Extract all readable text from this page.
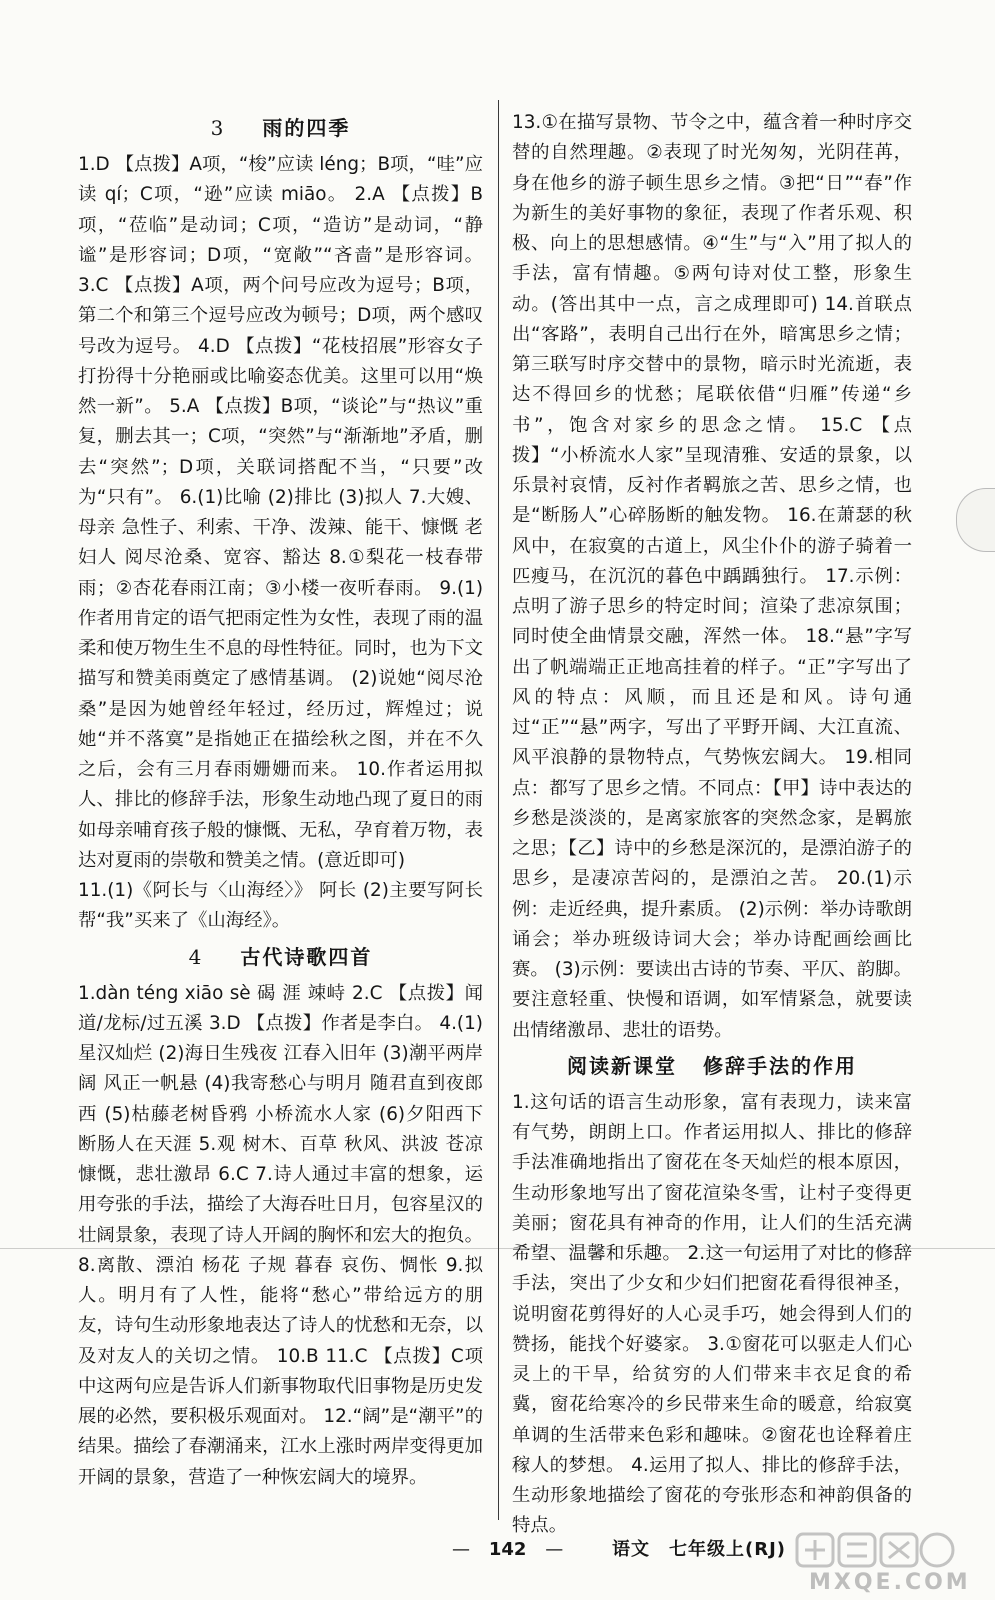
3 雨的四季

1.D 【点拨】A项，“梭”应读 léng；B项，“哇”应读 qí；C项，“逊”应读 miāo。 2.A 【点拨】B项，“莅临”是动词；C项，“造访”是动词，“静谧”是形容词；D项，“宽敞”“吝啬”是形容词。 3.C 【点拨】A项，两个问号应改为逗号；B项，第二个和第三个逗号应改为顿号；D项，两个感叹号改为逗号。 4.D 【点拨】“花枝招展”形容女子打扮得十分艳丽或比喻姿态优美。这里可以用“焕然一新”。 5.A 【点拨】B项，“谈论”与“热议”重复，删去其一；C项，“突然”与“渐渐地”矛盾，删去“突然”；D项，关联词搭配不当，“只要”改为“只有”。 6.(1)比喻 (2)排比 (3)拟人 7.大嫂、母亲 急性子、利索、干净、泼辣、能干、慷慨 老妇人 阅尽沧桑、宽容、豁达 8.①梨花一枝春带雨；②杏花春雨江南；③小楼一夜听春雨。 9.(1)作者用肯定的语气把雨定性为女性，表现了雨的温柔和使万物生生不息的母性特征。同时，也为下文描写和赞美雨奠定了感情基调。 (2)说她“阅尽沧桑”是因为她曾经年轻过，经历过，辉煌过；说她“并不落寞”是指她正在描绘秋之图，并在不久之后，会有三月春雨姗姗而来。 10.作者运用拟人、排比的修辞手法，形象生动地凸现了夏日的雨如母亲哺育孩子般的慷慨、无私，孕育着万物，表达对夏雨的崇敬和赞美之情。(意近即可)

11.(1)《阿长与〈山海经〉》 阿长 (2)主要写阿长帮“我”买来了《山海经》。

4 古代诗歌四首

1.dàn téng xiāo sè 碣 涯 竦峙 2.C 【点拨】闻道/龙标/过五溪 3.D 【点拨】作者是李白。 4.(1)星汉灿烂 (2)海日生残夜 江春入旧年 (3)潮平两岸阔 风正一帆悬 (4)我寄愁心与明月 随君直到夜郎西 (5)枯藤老树昏鸦 小桥流水人家 (6)夕阳西下 断肠人在天涯 5.观 树木、百草 秋风、洪波 苍凉慷慨，悲壮激昂 6.C 7.诗人通过丰富的想象，运用夸张的手法，描绘了大海吞吐日月，包容星汉的壮阔景象，表现了诗人开阔的胸怀和宏大的抱负。 8.离散、漂泊 杨花 子规 暮春 哀伤、惆怅 9.拟人。明月有了人性，能将“愁心”带给远方的朋友，诗句生动形象地表达了诗人的忧愁和无奈，以及对友人的关切之情。 10.B 11.C 【点拨】C项中这两句应是告诉人们新事物取代旧事物是历史发展的必然，要积极乐观面对。 12.“阔”是“潮平”的结果。描绘了春潮涌来，江水上涨时两岸变得更加开阔的景象，营造了一种恢宏阔大的境界。

13.①在描写景物、节令之中，蕴含着一种时序交替的自然理趣。②表现了时光匆匆，光阴荏苒，身在他乡的游子顿生思乡之情。③把“日”“春”作为新生的美好事物的象征，表现了作者乐观、积极、向上的思想感情。④“生”与“入”用了拟人的手法，富有情趣。⑤两句诗对仗工整，形象生动。(答出其中一点，言之成理即可) 14.首联点出“客路”，表明自己出行在外，暗寓思乡之情；第三联写时序交替中的景物，暗示时光流逝，表达不得回乡的忧愁；尾联依借“归雁”传递“乡书”，饱含对家乡的思念之情。 15.C 【点拨】“小桥流水人家”呈现清雅、安适的景象，以乐景衬哀情，反衬作者羁旅之苦、思乡之情，也是“断肠人”心碎肠断的触发物。 16.在萧瑟的秋风中，在寂寞的古道上，风尘仆仆的游子骑着一匹瘦马，在沉沉的暮色中踽踽独行。 17.示例：点明了游子思乡的特定时间；渲染了悲凉氛围；同时使全曲情景交融，浑然一体。 18.“悬”字写出了帆端端正正地高挂着的样子。“正”字写出了风的特点：风顺，而且还是和风。诗句通过“正”“悬”两字，写出了平野开阔、大江直流、风平浪静的景物特点，气势恢宏阔大。 19.相同点：都写了思乡之情。不同点：【甲】诗中表达的乡愁是淡淡的，是离家旅客的突然念家，是羁旅之思；【乙】诗中的乡愁是深沉的，是漂泊游子的思乡，是凄凉苦闷的，是漂泊之苦。 20.(1)示例：走近经典，提升素质。 (2)示例：举办诗歌朗诵会；举办班级诗词大会；举办诗配画绘画比赛。 (3)示例：要读出古诗的节奏、平仄、韵脚。要注意轻重、快慢和语调，如军情紧急，就要读出情绪激昂、悲壮的语势。

阅读新课堂 修辞手法的作用

1.这句话的语言生动形象，富有表现力，读来富有气势，朗朗上口。作者运用拟人、排比的修辞手法准确地指出了窗花在冬天灿烂的根本原因，生动形象地写出了窗花渲染冬雪，让村子变得更美丽；窗花具有神奇的作用，让人们的生活充满希望、温馨和乐趣。 2.这一句运用了对比的修辞手法，突出了少女和少妇们把窗花看得很神圣，说明窗花剪得好的人心灵手巧，她会得到人们的赞扬，能找个好婆家。 3.①窗花可以驱走人们心灵上的干旱，给贫穷的人们带来丰衣足食的希冀，窗花给寒冷的乡民带来生命的暖意，给寂寞单调的生活带来色彩和趣味。②窗花也诠释着庄稼人的梦想。 4.运用了拟人、排比的修辞手法，生动形象地描绘了窗花的夸张形态和神韵俱备的特点。

— 142 —	语文　七年级上(RJ)
MXQE.COM
